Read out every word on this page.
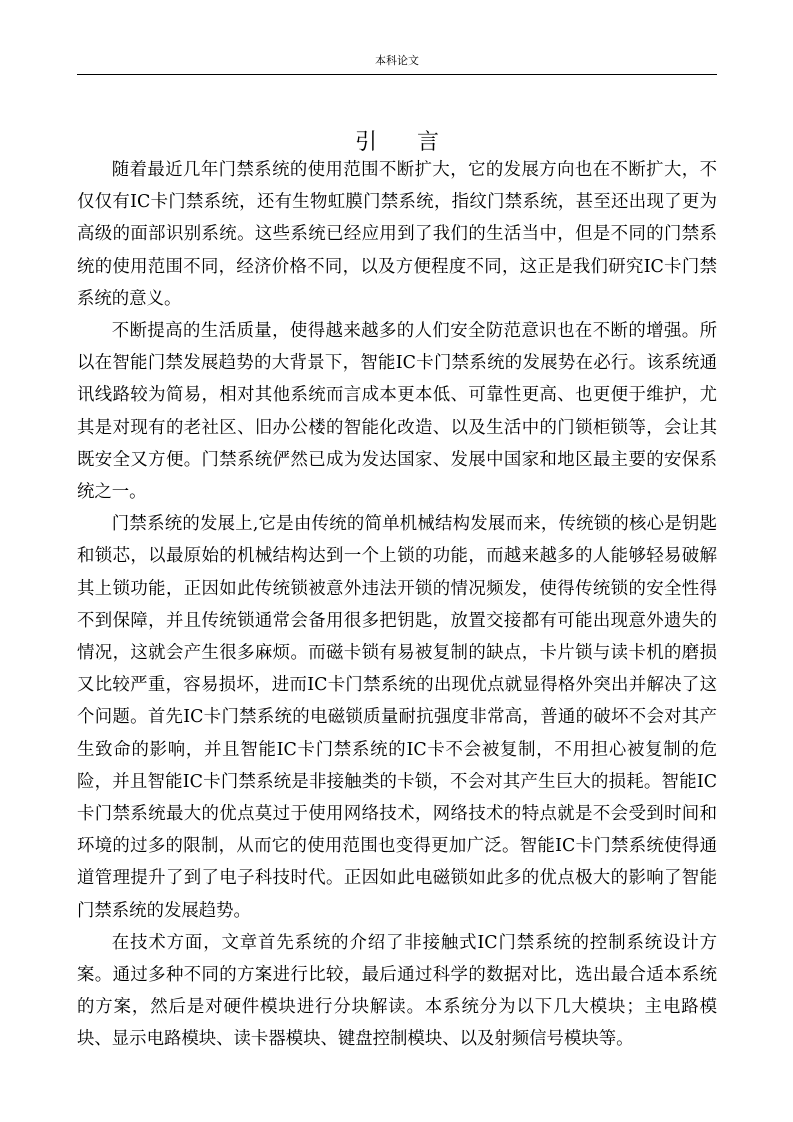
本科论文
引 言

随着最近几年门禁系统的使用范围不断扩大，它的发展方向也在不断扩大，不仅仅有IC卡门禁系统，还有生物虹膜门禁系统，指纹门禁系统，甚至还出现了更为高级的面部识别系统。这些系统已经应用到了我们的生活当中，但是不同的门禁系统的使用范围不同，经济价格不同，以及方便程度不同，这正是我们研究IC卡门禁系统的意义。

不断提高的生活质量，使得越来越多的人们安全防范意识也在不断的增强。所以在智能门禁发展趋势的大背景下，智能IC卡门禁系统的发展势在必行。该系统通讯线路较为简易，相对其他系统而言成本更本低、可靠性更高、也更便于维护，尤其是对现有的老社区、旧办公楼的智能化改造、以及生活中的门锁柜锁等，会让其既安全又方便。门禁系统俨然已成为发达国家、发展中国家和地区最主要的安保系统之一。

门禁系统的发展上,它是由传统的简单机械结构发展而来，传统锁的核心是钥匙和锁芯，以最原始的机械结构达到一个上锁的功能，而越来越多的人能够轻易破解其上锁功能，正因如此传统锁被意外违法开锁的情况频发，使得传统锁的安全性得不到保障，并且传统锁通常会备用很多把钥匙，放置交接都有可能出现意外遗失的情况，这就会产生很多麻烦。而磁卡锁有易被复制的缺点，卡片锁与读卡机的磨损又比较严重，容易损坏，进而IC卡门禁系统的出现优点就显得格外突出并解决了这个问题。首先IC卡门禁系统的电磁锁质量耐抗强度非常高，普通的破坏不会对其产生致命的影响，并且智能IC卡门禁系统的IC卡不会被复制，不用担心被复制的危险，并且智能IC卡门禁系统是非接触类的卡锁，不会对其产生巨大的损耗。智能IC卡门禁系统最大的优点莫过于使用网络技术，网络技术的特点就是不会受到时间和环境的过多的限制，从而它的使用范围也变得更加广泛。智能IC卡门禁系统使得通道管理提升了到了电子科技时代。正因如此电磁锁如此多的优点极大的影响了智能门禁系统的发展趋势。

在技术方面，文章首先系统的介绍了非接触式IC门禁系统的控制系统设计方案。通过多种不同的方案进行比较，最后通过科学的数据对比，选出最合适本系统的方案，然后是对硬件模块进行分块解读。本系统分为以下几大模块；主电路模块、显示电路模块、读卡器模块、键盘控制模块、以及射频信号模块等。
